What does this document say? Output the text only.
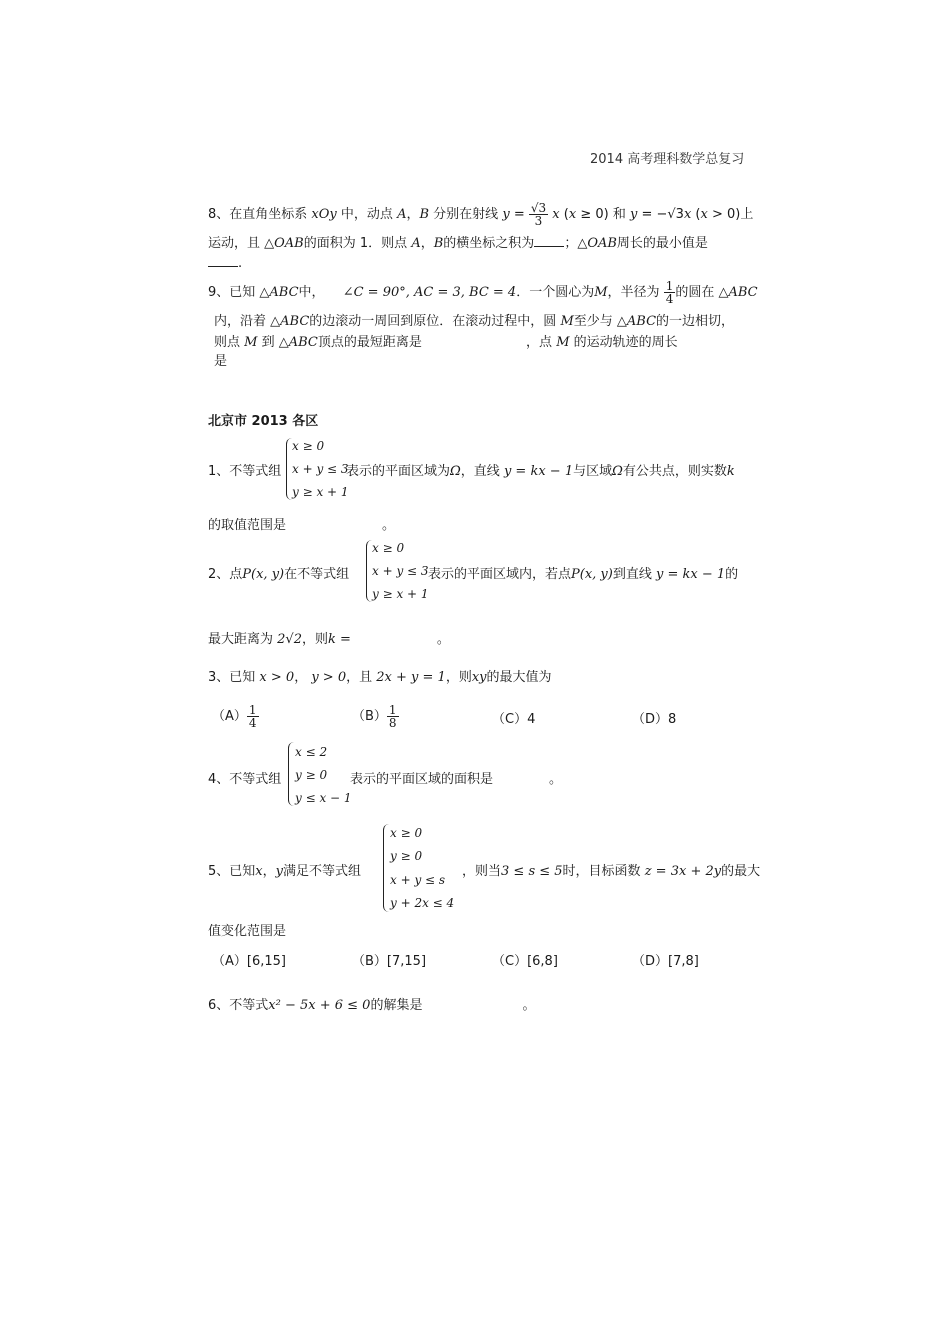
2014 高考理科数学总复习
8、在直角坐标系 xOy 中，动点 A，B 分别在射线 $y = \frac{√3}{3}$ x (x ≥ 0) 和 y = −√3x (x > 0)上
运动，且 △OAB的面积为 1．则点 A，B的横坐标之积为 ；△OAB周长的最小值是
.
9、已知 △ABC中， ∠C = 90°, AC = 3, BC = 4．一个圆心为M，半径为 $\frac{1}{4}$ 的圆在 △ABC
内，沿着 △ABC的边滚动一周回到原位．在滚动过程中，圆 M至少与 △ABC的一边相切，
则点 M 到 △ABC顶点的最短距离是	，点 M 的运动轨迹的周长
是
北京市 2013 各区
1、不等式组
x ≥ 0
x + y ≤ 3
y ≥ x + 1
表示的平面区域为Ω，直线 y = kx − 1与区域Ω有公共点，则实数k
的取值范围是	。
2、点P(x, y)在不等式组
x ≥ 0
x + y ≤ 3
y ≥ x + 1
表示的平面区域内，若点P(x, y)到直线 y = kx − 1的
最大距离为 2√2，则k =	。
3、已知 x > 0， y > 0，且 2x + y = 1，则xy的最大值为
$(A) \frac{1}{4}$	$(B) \frac{1}{8}$	（C）4	（D）8
4、不等式组
x ≤ 2
y ≥ 0
y ≤ x − 1
表示的平面区域的面积是	。
5、已知x，y满足不等式组
x ≥ 0
y ≥ 0
x + y ≤ s
y + 2x ≤ 4
，则当3 ≤ s ≤ 5时，目标函数 z = 3x + 2y的最大
值变化范围是
（A）[6,15]	（B）[7,15]	（C）[6,8]	（D）[7,8]
6、不等式x² − 5x + 6 ≤ 0的解集是	。
